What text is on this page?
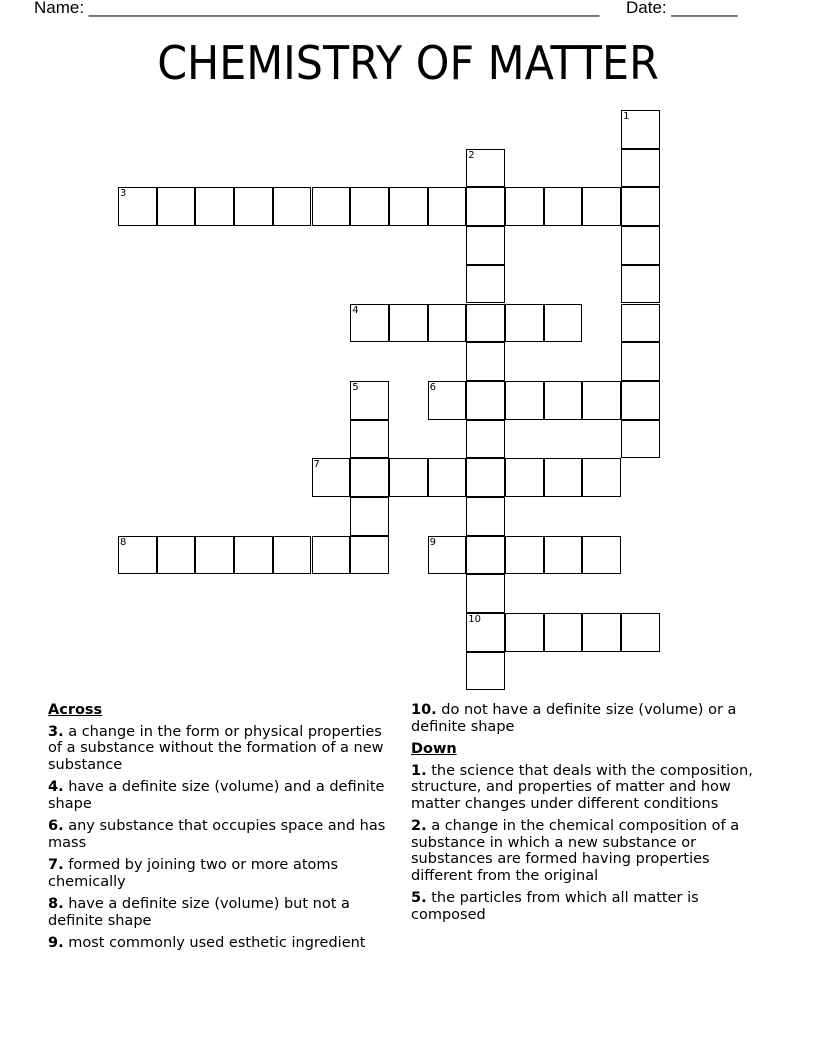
Name: ______________________________________________________ Date: _______
CHEMISTRY OF MATTER
1
2
10
3
4
5	6
7
8	9
Across
3. a change in the form or physical properties of a substance without the formation of a new substance
4. have a definite size (volume) and a definite shape
6. any substance that occupies space and has mass
7. formed by joining two or more atoms chemically
8. have a definite size (volume) but not a definite shape
9. most commonly used esthetic ingredient
10. do not have a definite size (volume) or a definite shape
Down
1. the science that deals with the composition, structure, and properties of matter and how matter changes under different conditions
2. a change in the chemical composition of a substance in which a new substance or substances are formed having properties different from the original
5. the particles from which all matter is composed
